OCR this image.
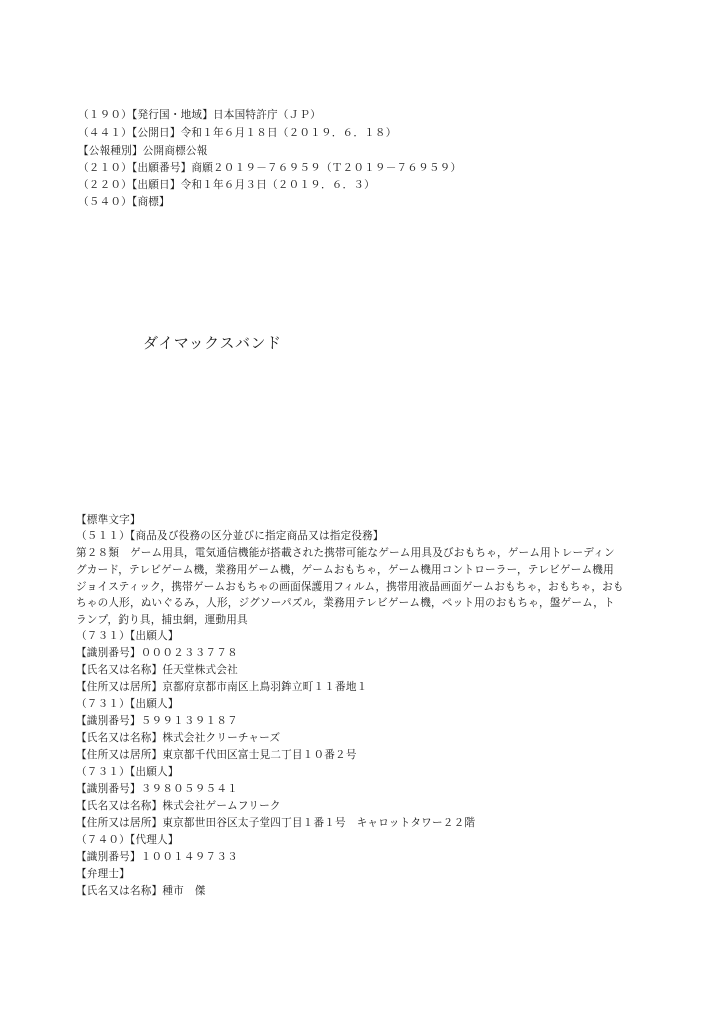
（１９０）【発行国・地域】日本国特許庁（ＪＰ）
（４４１）【公開日】令和１年６月１８日（２０１９．６．１８）
【公報種別】公開商標公報
（２１０）【出願番号】商願２０１９－７６９５９（Ｔ２０１９－７６９５９）
（２２０）【出願日】令和１年６月３日（２０１９．６．３）
（５４０）【商標】
ダイマックスバンド
【標準文字】
（５１１）【商品及び役務の区分並びに指定商品又は指定役務】
第２８類　ゲーム用具，電気通信機能が搭載された携帯可能なゲーム用具及びおもちゃ，ゲーム用トレーディングカード，テレビゲーム機，業務用ゲーム機，ゲームおもちゃ，ゲーム機用コントローラー，テレビゲーム機用ジョイスティック，携帯ゲームおもちゃの画面保護用フィルム，携帯用液晶画面ゲームおもちゃ，おもちゃ，おもちゃの人形，ぬいぐるみ，人形，ジグソーパズル，業務用テレビゲーム機，ペット用のおもちゃ，盤ゲーム，トランプ，釣り具，捕虫網，運動用具
（７３１）【出願人】
【識別番号】０００２３３７７８
【氏名又は名称】任天堂株式会社
【住所又は居所】京都府京都市南区上鳥羽鉾立町１１番地１
（７３１）【出願人】
【識別番号】５９９１３９１８７
【氏名又は名称】株式会社クリーチャーズ
【住所又は居所】東京都千代田区富士見二丁目１０番２号
（７３１）【出願人】
【識別番号】３９８０５９５４１
【氏名又は名称】株式会社ゲームフリーク
【住所又は居所】東京都世田谷区太子堂四丁目１番１号　キャロットタワー２２階
（７４０）【代理人】
【識別番号】１００１４９７３３
【弁理士】
【氏名又は名称】種市　傑
